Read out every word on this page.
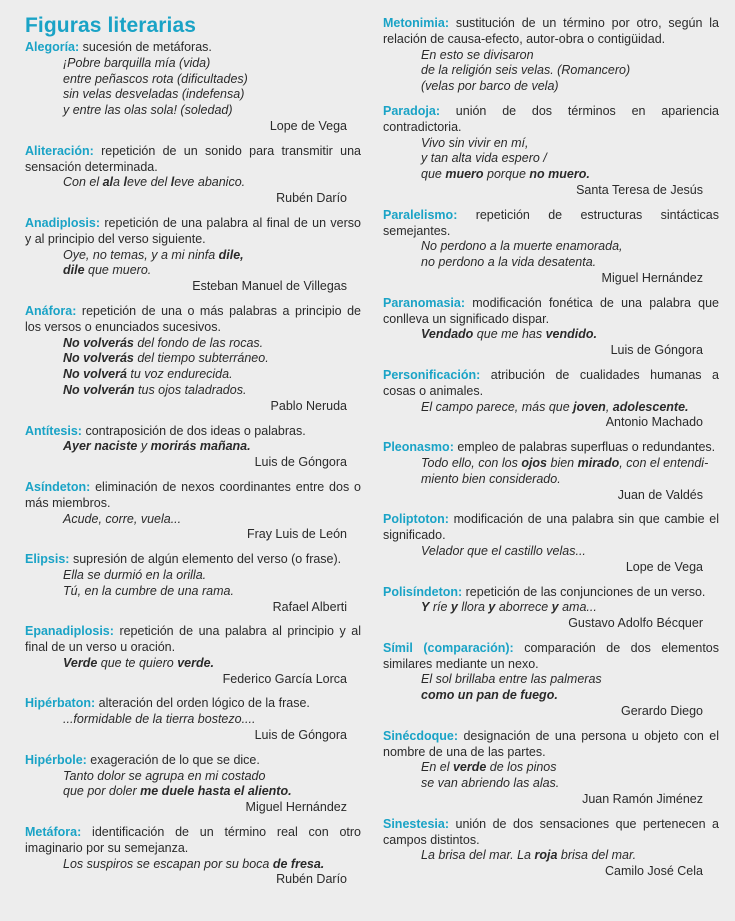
Figuras literarias
Alegoría: sucesión de metáforas.
¡Pobre barquilla mía (vida)
entre peñascos rota (dificultades)
sin velas desveladas (indefensa)
y entre las olas sola! (soledad)
Lope de Vega
Aliteración: repetición de un sonido para transmitir una sensación determinada.
Con el ala leve del leve abanico.
Rubén Darío
Anadiplosis: repetición de una palabra al final de un verso y al principio del verso siguiente.
Oye, no temas, y a mi ninfa dile,
dile que muero.
Esteban Manuel de Villegas
Anáfora: repetición de una o más palabras a principio de los versos o enunciados sucesivos.
No volverás del fondo de las rocas.
No volverás del tiempo subterráneo.
No volverá tu voz endurecida.
No volverán tus ojos taladrados.
Pablo Neruda
Antítesis: contraposición de dos ideas o palabras.
Ayer naciste y morirás mañana.
Luis de Góngora
Asíndeton: eliminación de nexos coordinantes entre dos o más miembros.
Acude, corre, vuela...
Fray Luis de León
Elipsis: supresión de algún elemento del verso (o frase).
Ella se durmió en la orilla.
Tú, en la cumbre de una rama.
Rafael Alberti
Epanadiplosis: repetición de una palabra al principio y al final de un verso u oración.
Verde que te quiero verde.
Federico García Lorca
Hipérbaton: alteración del orden lógico de la frase.
...formidable de la tierra bostezo....
Luis de Góngora
Hipérbole: exageración de lo que se dice.
Tanto dolor se agrupa en mi costado
que por doler me duele hasta el aliento.
Miguel Hernández
Metáfora: identificación de un término real con otro imaginario por su semejanza.
Los suspiros se escapan por su boca de fresa.
Rubén Darío
Metonimia: sustitución de un término por otro, según la relación de causa-efecto, autor-obra o contigüidad.
En esto se divisaron
de la religión seis velas. (Romancero)
(velas por barco de vela)
Paradoja: unión de dos términos en apariencia contradictoria.
Vivo sin vivir en mí,
y tan alta vida espero /
que muero porque no muero.
Santa Teresa de Jesús
Paralelismo: repetición de estructuras sintácticas semejantes.
No perdono a la muerte enamorada,
no perdono a la vida desatenta.
Miguel Hernández
Paranomasia: modificación fonética de una palabra que conlleva un significado dispar.
Vendado que me has vendido.
Luis de Góngora
Personificación: atribución de cualidades humanas a cosas o animales.
El campo parece, más que joven, adolescente.
Antonio Machado
Pleonasmo: empleo de palabras superfluas o redundantes.
Todo ello, con los ojos bien mirado, con el entendi-
miento bien considerado.
Juan de Valdés
Poliptoton: modificación de una palabra sin que cambie el significado.
Velador que el castillo velas...
Lope de Vega
Polisíndeton: repetición de las conjunciones de un verso.
Y ríe y llora y aborrece y ama...
Gustavo Adolfo Bécquer
Símil (comparación): comparación de dos elementos similares mediante un nexo.
El sol brillaba entre las palmeras
como un pan de fuego.
Gerardo Diego
Sinécdoque: designación de una persona u objeto con el nombre de una de las partes.
En el verde de los pinos
se van abriendo las alas.
Juan Ramón Jiménez
Sinestesia: unión de dos sensaciones que pertenecen a campos distintos.
La brisa del mar. La roja brisa del mar.
Camilo José Cela
